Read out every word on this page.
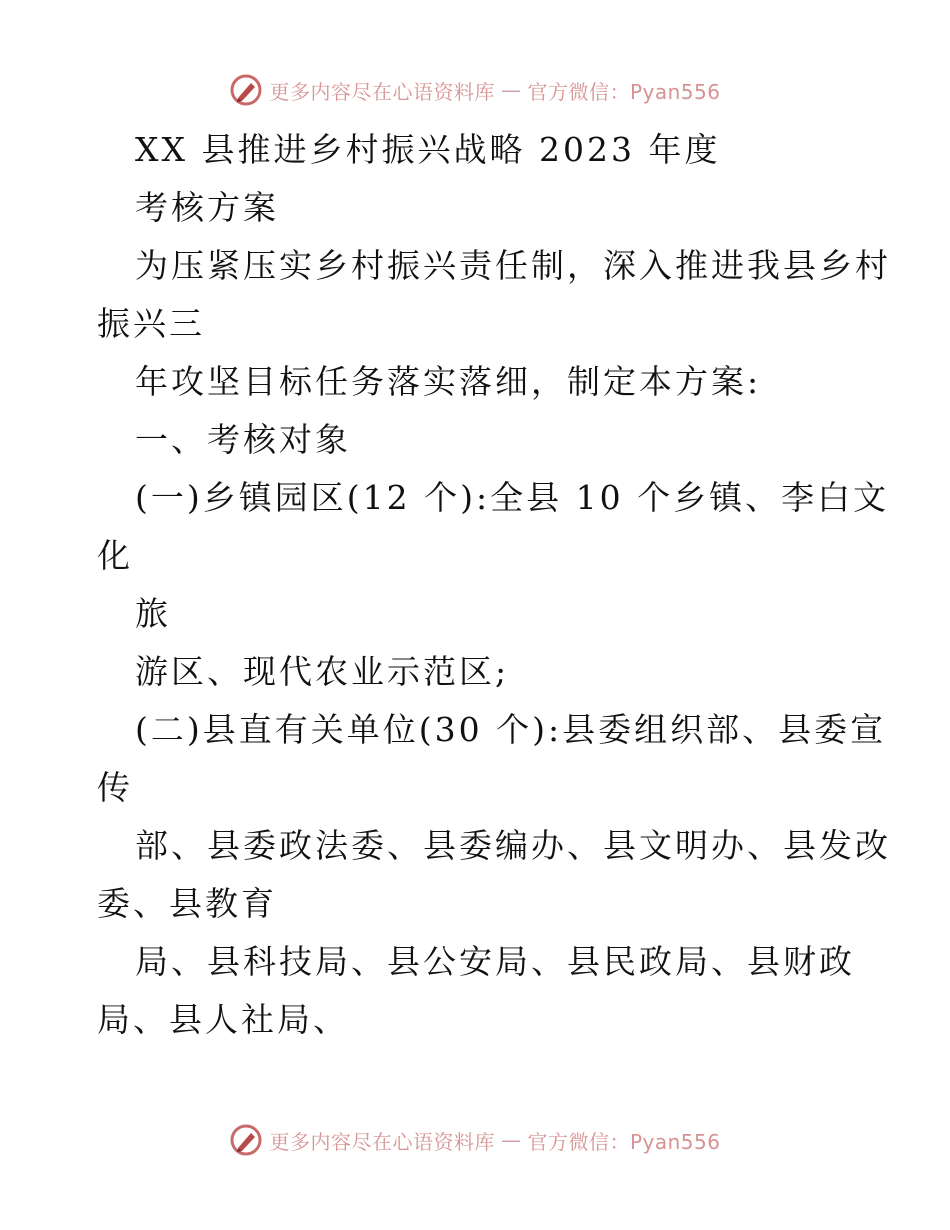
更多内容尽在心语资料库 — 官方微信：Pyan556
XX 县推进乡村振兴战略 2023 年度
考核方案
为压紧压实乡村振兴责任制，深入推进我县乡村
振兴三
年攻坚目标任务落实落细，制定本方案:
一、考核对象
(一)乡镇园区(12 个):全县 10 个乡镇、李白文
化
旅
游区、现代农业示范区;
(二)县直有关单位(30 个):县委组织部、县委宣
传
部、县委政法委、县委编办、县文明办、县发改
委、县教育
局、县科技局、县公安局、县民政局、县财政
局、县人社局、
更多内容尽在心语资料库 — 官方微信：Pyan556
